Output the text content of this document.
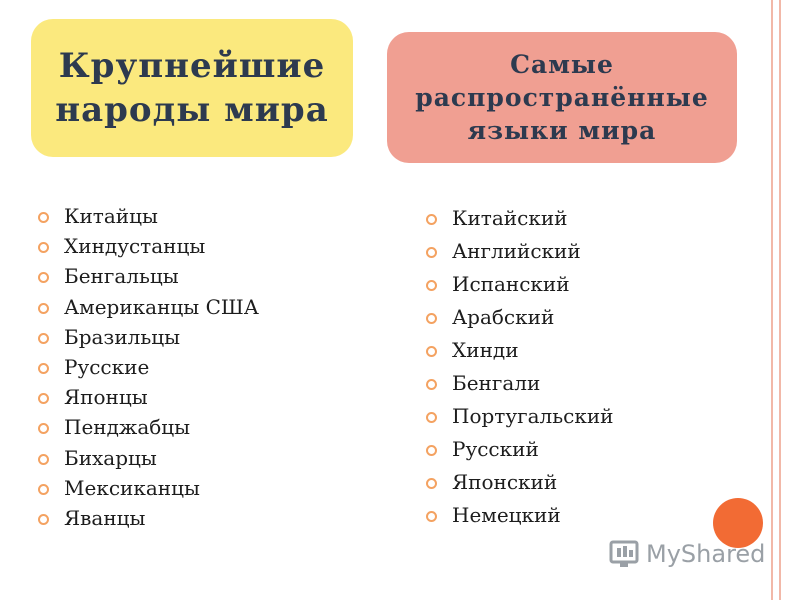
Крупнейшие
народы мира
Самые
распространённые
языки мира
Китайцы
Хиндустанцы
Бенгальцы
Американцы США
Бразильцы
Русские
Японцы
Пенджабцы
Бихарцы
Мексиканцы
Яванцы
Китайский
Английский
Испанский
Арабский
Хинди
Бенгали
Португальский
Русский
Японский
Немецкий
MyShared
